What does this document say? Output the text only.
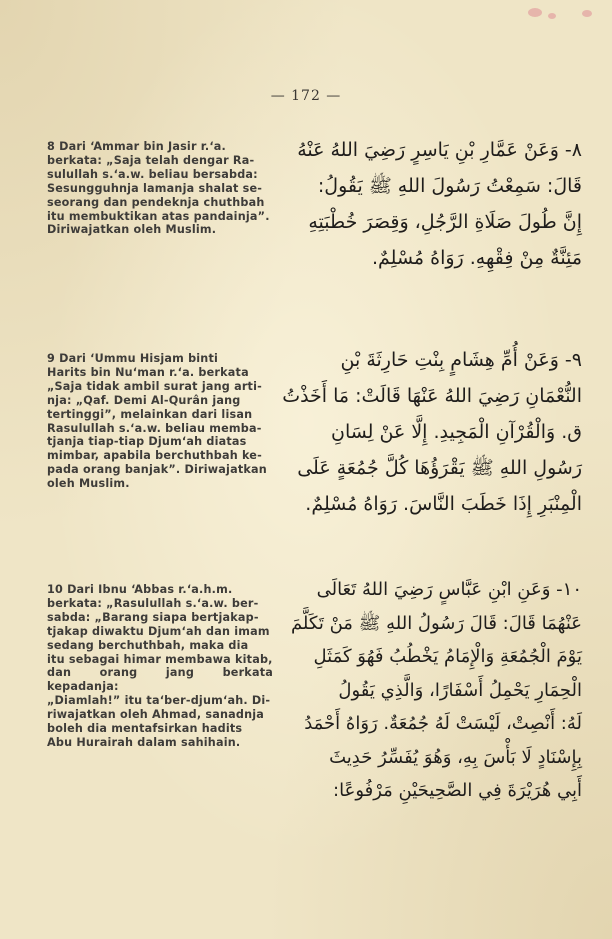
— 172 —
8 Dari ‘Ammar bin Jasir r.‘a.
berkata: „Saja telah dengar Ra-
sulullah s.‘a.w. beliau bersabda:
Sesungguhnja lamanja shalat se-
seorang dan pendeknja chuthbah
itu membuktikan atas pandainja”.
Diriwajatkan oleh Muslim.
٨- وَعَنْ عَمَّارِ بْنِ يَاسِرٍ رَضِيَ اللهُ عَنْهُ
قَالَ: سَمِعْتُ رَسُولَ اللهِ ﷺ يَقُولُ:
إِنَّ طُولَ صَلَاةِ الرَّجُلِ، وَقِصَرَ خُطْبَتِهِ
مَئِنَّةٌ مِنْ فِقْهِهِ. رَوَاهُ مُسْلِمٌ.
9 Dari ‘Ummu Hisjam binti
Harits bin Nu‘man r.‘a. berkata
„Saja tidak ambil surat jang arti-
nja: „Qaf. Demi Al-Qurân jang
tertinggi”, melainkan dari lisan
Rasulullah s.‘a.w. beliau memba-
tjanja tiap-tiap Djum‘ah diatas
mimbar, apabila berchuthbah ke-
pada orang banjak”. Diriwajatkan
oleh Muslim.
٩- وَعَنْ أُمِّ هِشَامٍ بِنْتِ حَارِثَةَ بْنِ
النُّعْمَانِ رَضِيَ اللهُ عَنْهَا قَالَتْ: مَا أَخَذْتُ
ق. وَالْقُرْآنِ الْمَجِيدِ. إِلَّا عَنْ لِسَانِ
رَسُولِ اللهِ ﷺ يَقْرَؤُهَا كُلَّ جُمُعَةٍ عَلَى
الْمِنْبَرِ إِذَا خَطَبَ النَّاسَ. رَوَاهُ مُسْلِمٌ.
10 Dari Ibnu ‘Abbas r.‘a.h.m.
berkata: „Rasulullah s.‘a.w. ber-
sabda: „Barang siapa bertjakap-
tjakap diwaktu Djum‘ah dan imam
sedang berchuthbah, maka dia
itu sebagai himar membawa kitab,
dan orang jang berkata kepadanja:
„Diamlah!” itu ta‘ber-djum‘ah. Di-
riwajatkan oleh Ahmad, sanadnja
boleh dia mentafsirkan hadits
Abu Hurairah dalam sahihain.
١٠- وَعَنِ ابْنِ عَبَّاسٍ رَضِيَ اللهُ تَعَالَى
عَنْهُمَا قَالَ: قَالَ رَسُولُ اللهِ ﷺ مَنْ تَكَلَّمَ
يَوْمَ الْجُمُعَةِ وَالْإِمَامُ يَخْطُبُ فَهُوَ كَمَثَلِ
الْحِمَارِ يَحْمِلُ أَسْفَارًا، وَالَّذِي يَقُولُ
لَهُ: أَنْصِتْ، لَيْسَتْ لَهُ جُمُعَةٌ. رَوَاهُ أَحْمَدُ
بِإِسْنَادٍ لَا بَأْسَ بِهِ، وَهُوَ يُفَسِّرُ حَدِيثَ
أَبِي هُرَيْرَةَ فِي الصَّحِيحَيْنِ مَرْفُوعًا:
